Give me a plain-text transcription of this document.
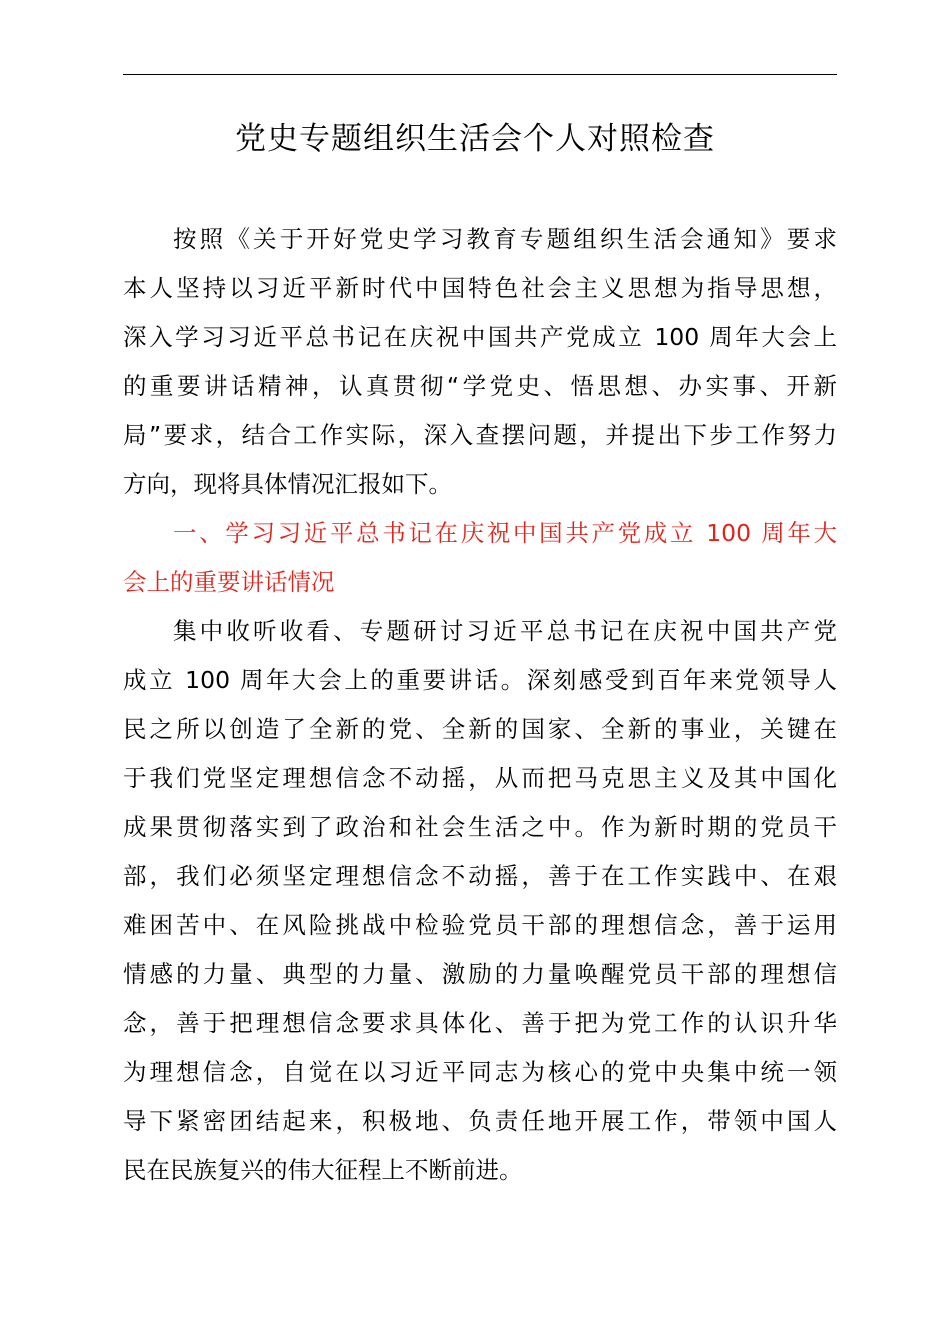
党史专题组织生活会个人对照检查
按照《关于开好党史学习教育专题组织生活会通知》要求
本人坚持以习近平新时代中国特色社会主义思想为指导思想，
深入学习习近平总书记在庆祝中国共产党成立 100 周年大会上
的重要讲话精神，认真贯彻“学党史、悟思想、办实事、开新
局”要求，结合工作实际，深入查摆问题，并提出下步工作努力
方向，现将具体情况汇报如下。
一、学习习近平总书记在庆祝中国共产党成立 100 周年大
会上的重要讲话情况
集中收听收看、专题研讨习近平总书记在庆祝中国共产党
成立 100 周年大会上的重要讲话。深刻感受到百年来党领导人
民之所以创造了全新的党、全新的国家、全新的事业，关键在
于我们党坚定理想信念不动摇，从而把马克思主义及其中国化
成果贯彻落实到了政治和社会生活之中。作为新时期的党员干
部，我们必须坚定理想信念不动摇，善于在工作实践中、在艰
难困苦中、在风险挑战中检验党员干部的理想信念，善于运用
情感的力量、典型的力量、激励的力量唤醒党员干部的理想信
念，善于把理想信念要求具体化、善于把为党工作的认识升华
为理想信念，自觉在以习近平同志为核心的党中央集中统一领
导下紧密团结起来，积极地、负责任地开展工作，带领中国人
民在民族复兴的伟大征程上不断前进。
